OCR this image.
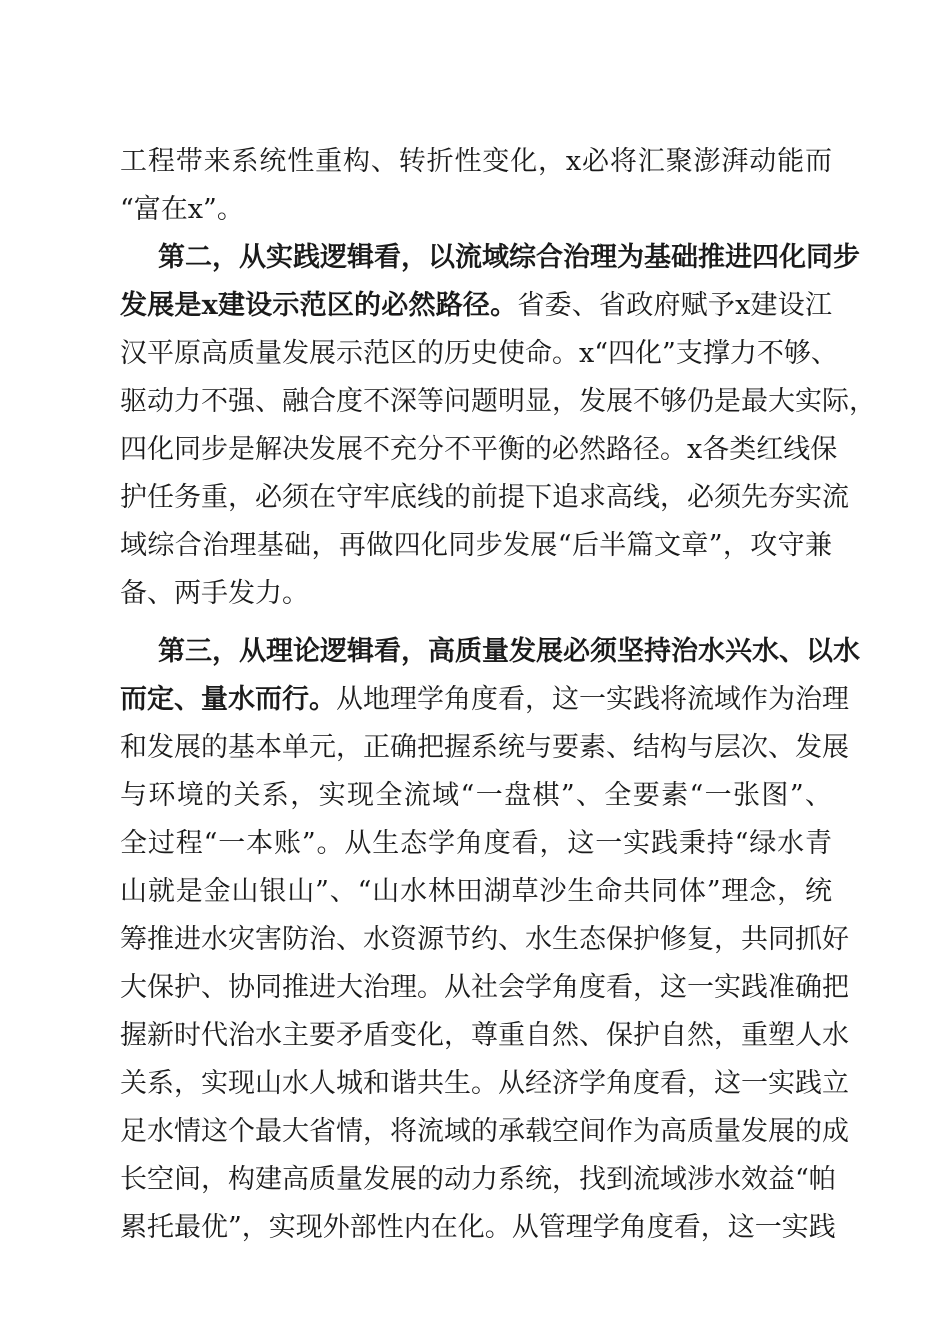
工程带来系统性重构、转折性变化，x必将汇聚澎湃动能而
“富在x”。
第二，从实践逻辑看，以流域综合治理为基础推进四化同步
发展是x建设示范区的必然路径。省委、省政府赋予x建设江
汉平原高质量发展示范区的历史使命。x“四化”支撑力不够、
驱动力不强、融合度不深等问题明显，发展不够仍是最大实际，
四化同步是解决发展不充分不平衡的必然路径。x各类红线保
护任务重，必须在守牢底线的前提下追求高线，必须先夯实流
域综合治理基础，再做四化同步发展“后半篇文章”，攻守兼
备、两手发力。
第三，从理论逻辑看，高质量发展必须坚持治水兴水、以水
而定、量水而行。从地理学角度看，这一实践将流域作为治理
和发展的基本单元，正确把握系统与要素、结构与层次、发展
与环境的关系，实现全流域“一盘棋”、全要素“一张图”、
全过程“一本账”。从生态学角度看，这一实践秉持“绿水青
山就是金山银山”、“山水林田湖草沙生命共同体”理念，统
筹推进水灾害防治、水资源节约、水生态保护修复，共同抓好
大保护、协同推进大治理。从社会学角度看，这一实践准确把
握新时代治水主要矛盾变化，尊重自然、保护自然，重塑人水
关系，实现山水人城和谐共生。从经济学角度看，这一实践立
足水情这个最大省情，将流域的承载空间作为高质量发展的成
长空间，构建高质量发展的动力系统，找到流域涉水效益“帕
累托最优”，实现外部性内在化。从管理学角度看，这一实践
